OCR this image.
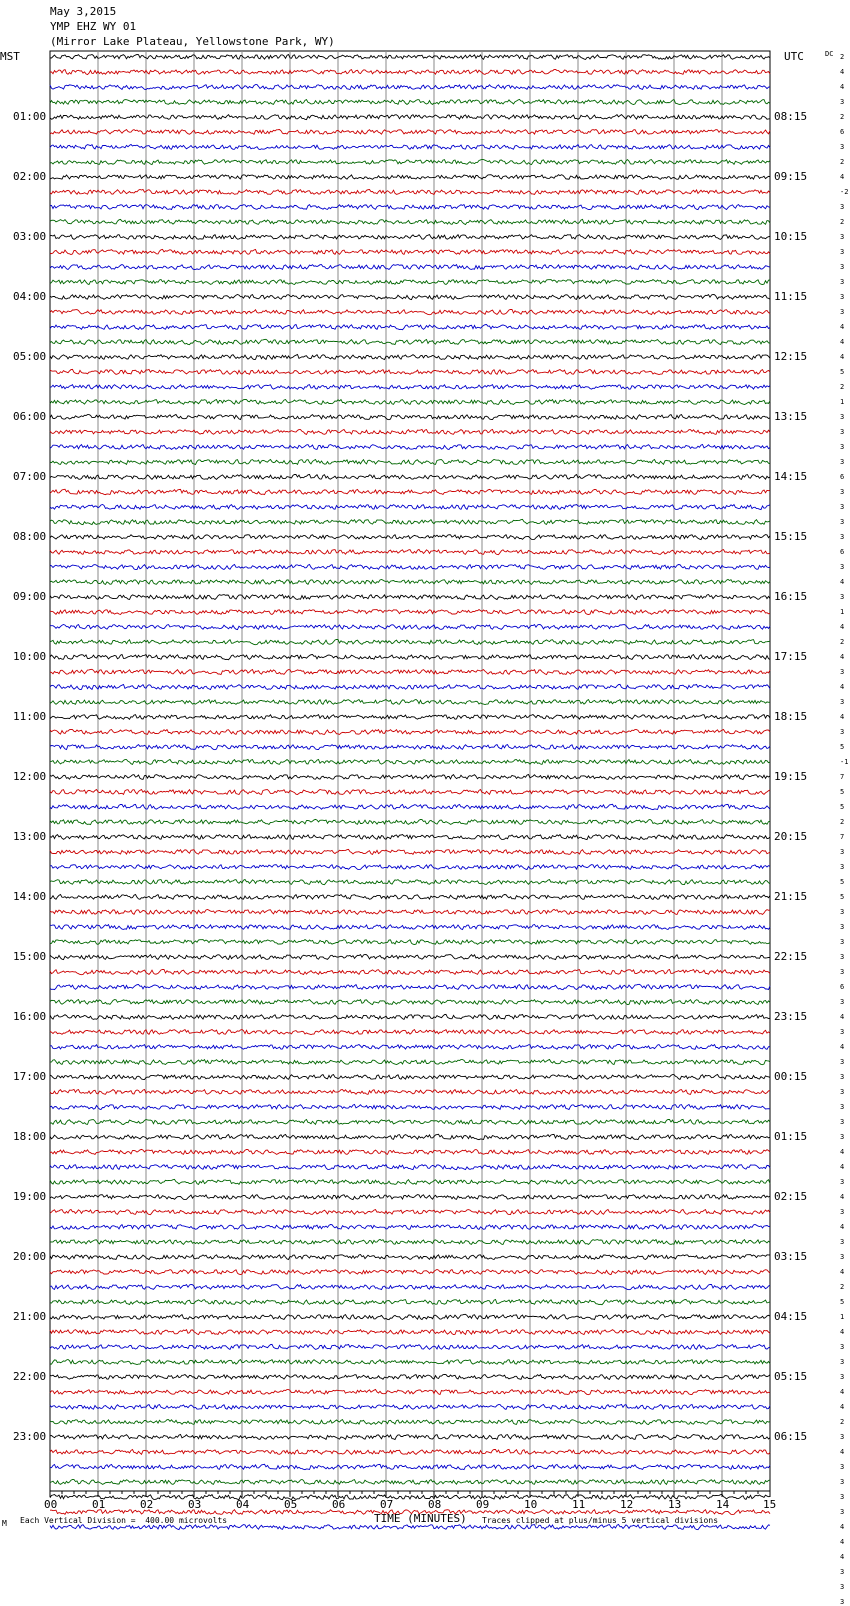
May 3,2015
YMP EHZ WY 01
(Mirror Lake Plateau, Yellowstone Park, WY)
MST	UTC	DC
00	01	02	03	04	05	06	07	08	09	10	11	12	13	14	15
2
4
4
3
2
6
3
2
4
-2
3
2
3
3
3
3
3
3
4
4
4
5
2
1
3
3
3
3
6
3
3
3
3
6
3
4
3
1
4
2
4
3
4
3
4
3
5
-1
7
5
5
2
7
3
3
5
5
3
3
3
3
3
6
3
4
3
4
3
3
3
3
3
3
4
4
3
4
3
4
3
3
4
2
5
1
4
3
3
3
4
4
2
3
4
3
3
3
3
4
4
4
3
3
3
01:00
02:00
03:00
04:00
05:00
06:00
07:00
08:00
09:00
10:00
11:00
12:00
13:00
14:00
15:00
16:00
17:00
18:00
19:00
20:00
21:00
22:00
23:00
08:15
09:15
10:15
11:15
12:15
13:15
14:15
15:15
16:15
17:15
18:15
19:15
20:15
21:15
22:15
23:15
00:15
01:15
02:15
03:15
04:15
05:15
06:15
M Each Vertical Division =  400.00 microvolts	TIME (MINUTES) Traces clipped at plus/minus 5 vertical divisions
